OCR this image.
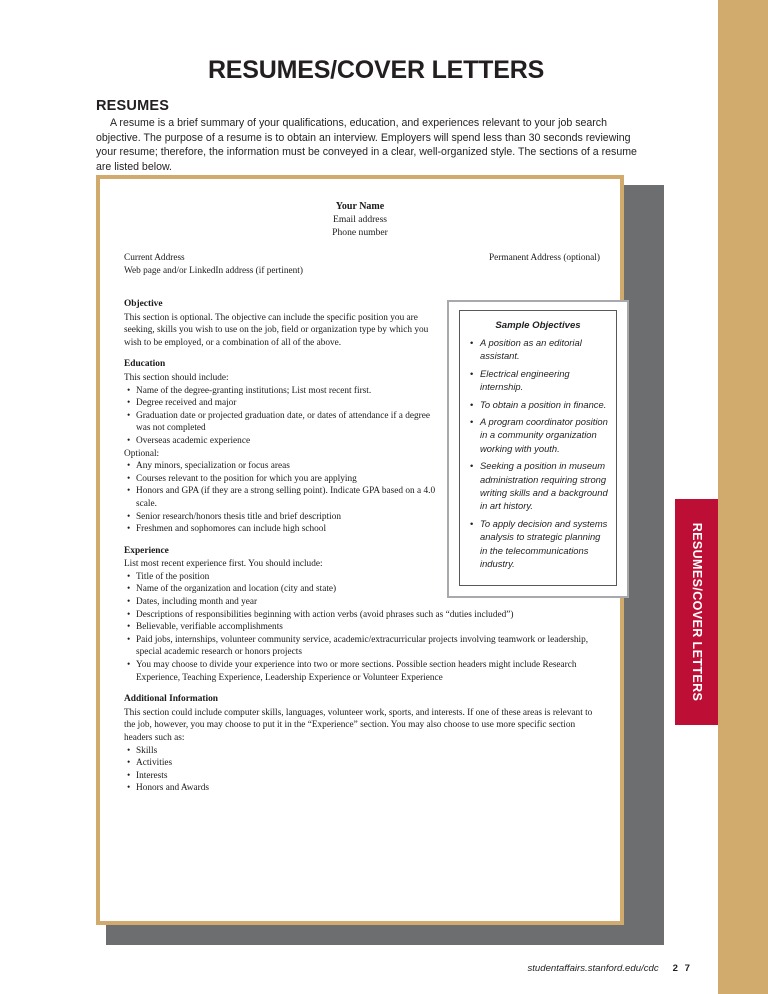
RESUMES/COVER LETTERS
RESUMES/COVER LETTERS
RESUMES
A resume is a brief summary of your qualifications, education, and experiences relevant to your job search objective. The purpose of a resume is to obtain an interview. Employers will spend less than 30 seconds reviewing your resume; therefore, the information must be conveyed in a clear, well-organized style. The sections of a resume are listed below.
Your Name
Email address
Phone number
Permanent Address (optional)
Current Address
Web page and/or LinkedIn address (if pertinent)
Objective

This section is optional. The objective can include the specific position you are seeking, skills you wish to use on the job, field or organization type by which you wish to be employed, or a combination of all of the above.

Education

This section should include:

• Name of the degree-granting institutions; List most recent first.
• Degree received and major
• Graduation date or projected graduation date, or dates of attendance if a degree was not completed
• Overseas academic experience

Optional:

• Any minors, specialization or focus areas
• Courses relevant to the position for which you are applying
• Honors and GPA (if they are a strong selling point). Indicate GPA based on a 4.0 scale.
• Senior research/honors thesis title and brief description
• Freshmen and sophomores can include high school
Experience

List most recent experience first. You should include:

• Title of the position
• Name of the organization and location (city and state)
• Dates, including month and year
• Descriptions of responsibilities beginning with action verbs (avoid phrases such as “duties included”)
• Believable, verifiable accomplishments
• Paid jobs, internships, volunteer community service, academic/extracurricular projects involving teamwork or leadership, special academic research or honors projects
• You may choose to divide your experience into two or more sections. Possible section headers might include Research Experience, Teaching Experience, Leadership Experience or Volunteer Experience
Additional Information

This section could include computer skills, languages, volunteer work, sports, and interests. If one of these areas is relevant to the job, however, you may choose to put it in the “Experience” section. You may also choose to use more specific section headers such as:

• Skills
• Activities
• Interests
• Honors and Awards
Sample Objectives
• A position as an editorial assistant.
• Electrical engineering internship.
• To obtain a position in finance.
• A program coordinator position in a community organization working with youth.
• Seeking a position in museum administration requiring strong writing skills and a background in art history.
• To apply decision and systems analysis to strategic planning in the telecommunications industry.
studentaffairs.stanford.edu/cdc 2 7
